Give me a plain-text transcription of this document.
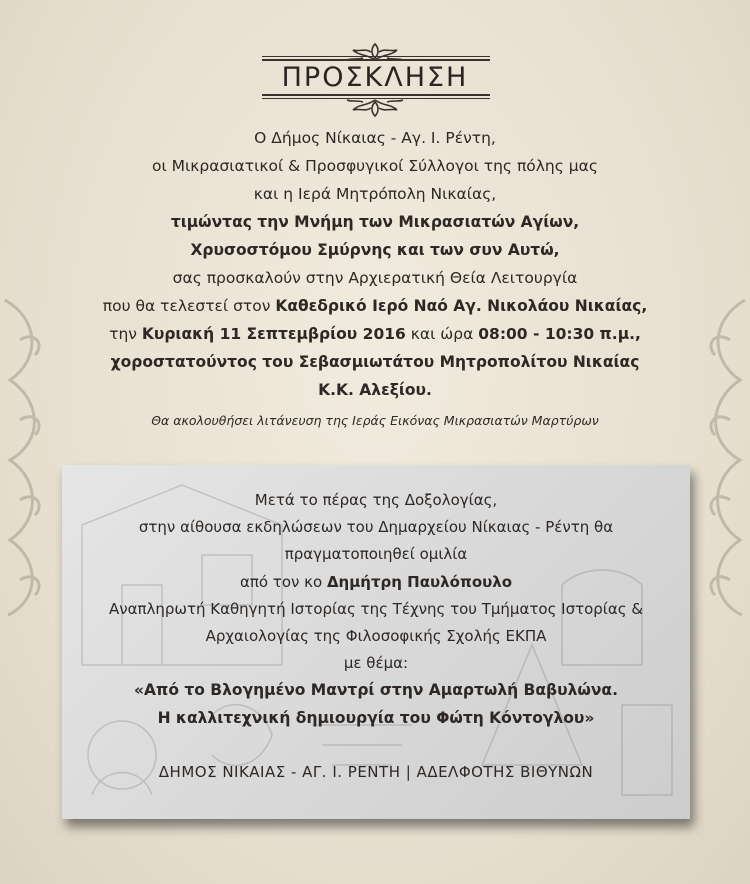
ΠΡΟΣΚΛΗΣΗ
Ο Δήμος Νίκαιας - Αγ. Ι. Ρέντη,
οι Μικρασιατικοί & Προσφυγικοί Σύλλογοι της πόλης μας
και η Ιερά Μητρόπολη Νικαίας,
τιμώντας την Μνήμη των Μικρασιατών Αγίων,
Χρυσοστόμου Σμύρνης και των συν Αυτώ,
σας προσκαλούν στην Αρχιερατική Θεία Λειτουργία
που θα τελεστεί στον Καθεδρικό Ιερό Ναό Αγ. Νικολάου Νικαίας,
την Κυριακή 11 Σεπτεμβρίου 2016 και ώρα 08:00 - 10:30 π.μ.,
χοροστατούντος του Σεβασμιωτάτου Μητροπολίτου Νικαίας
Κ.Κ. Αλεξίου.
Θα ακολουθήσει λιτάνευση της Ιεράς Εικόνας Μικρασιατών Μαρτύρων
Μετά το πέρας της Δοξολογίας,
στην αίθουσα εκδηλώσεων του Δημαρχείου Νίκαιας - Ρέντη θα
πραγματοποιηθεί ομιλία
από τον κο Δημήτρη Παυλόπουλο
Αναπληρωτή Καθηγητή Ιστορίας της Τέχνης του Τμήματος Ιστορίας &
Αρχαιολογίας της Φιλοσοφικής Σχολής ΕΚΠΑ
με θέμα:
«Από το Βλογημένο Μαντρί στην Αμαρτωλή Βαβυλώνα.
Η καλλιτεχνική δημιουργία του Φώτη Κόντογλου»
ΔΗΜΟΣ ΝΙΚΑΙΑΣ - ΑΓ. Ι. ΡΕΝΤΗ | ΑΔΕΛΦΟΤΗΣ ΒΙΘΥΝΩΝ
